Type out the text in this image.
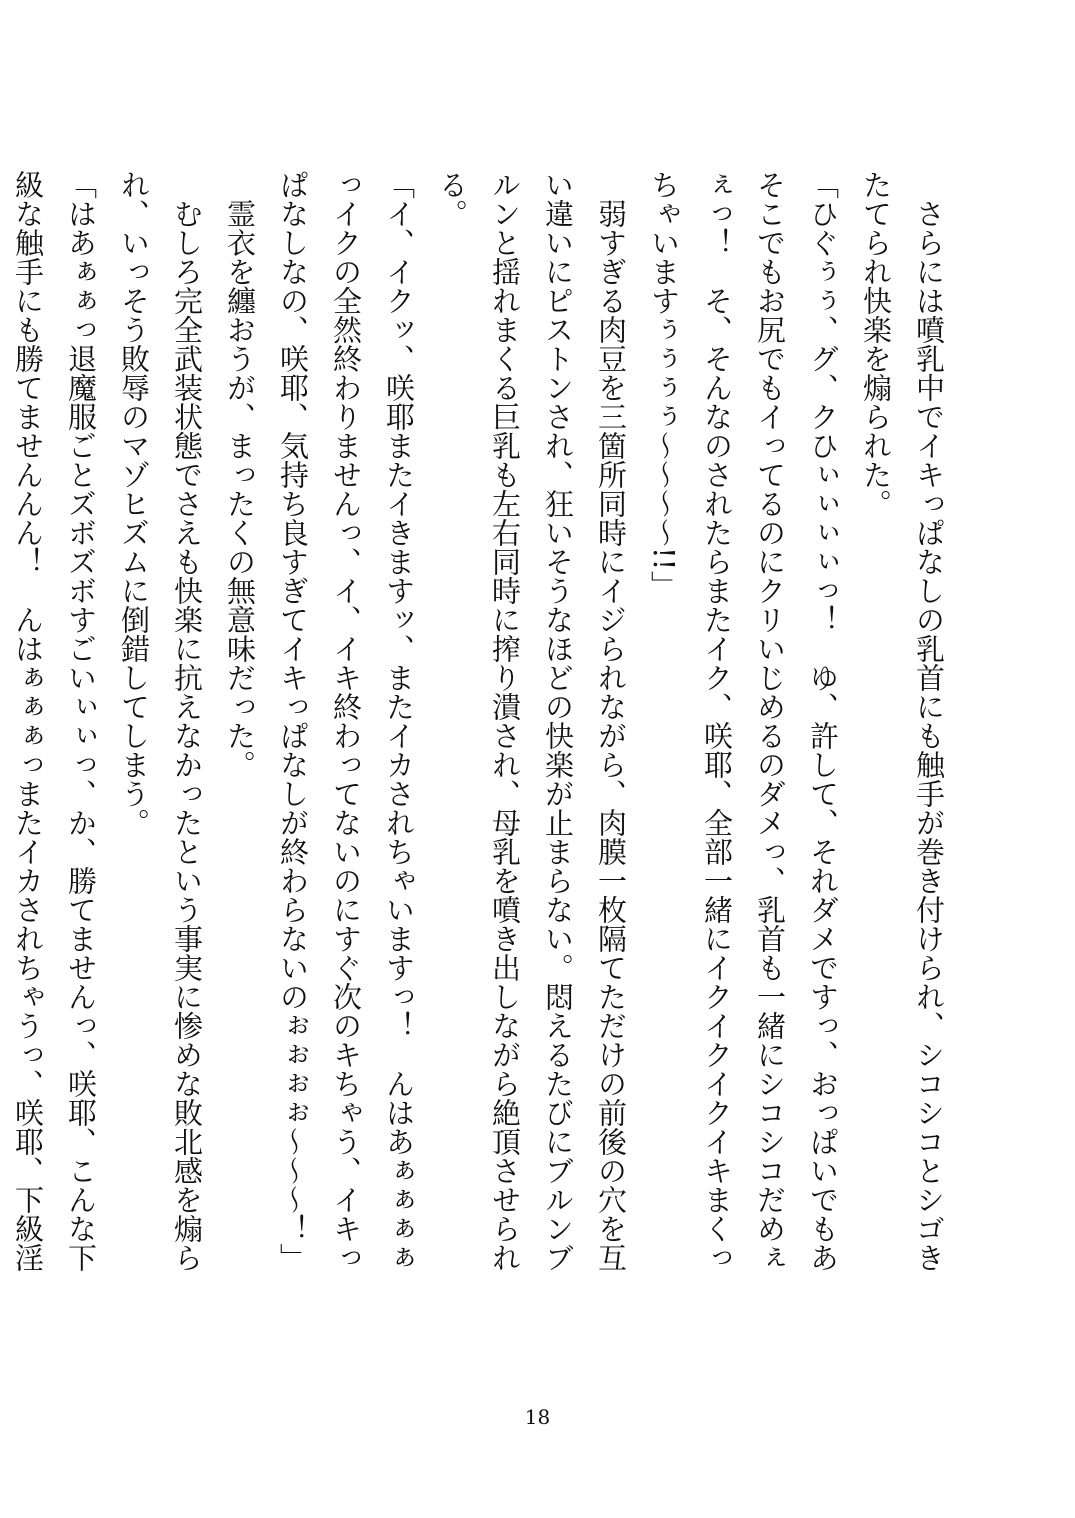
さらには噴乳中でイキっぱなしの乳首にも触手が巻き付けられ、シコシコとシゴきたてられ快楽を煽られた。

「ひぐぅぅ、グ、クひぃぃぃぃっ！　ゆ、許して、それダメですっ、おっぱいでもあそこでもお尻でもイってるのにクリいじめるのダメっ、乳首も一緒にシコシコだめぇぇっ！　そ、そんなのされたらまたイク、咲耶、全部一緒にイクイクイクイキまくっちゃいますぅぅぅぅ〜〜〜〜!!」

弱すぎる肉豆を三箇所同時にイジられながら、肉膜一枚隔てただけの前後の穴を互い違いにピストンされ、狂いそうなほどの快楽が止まらない。悶えるたびにブルンブルンと揺れまくる巨乳も左右同時に搾り潰され、母乳を噴き出しながら絶頂させられる。

「イ、イクッ、咲耶またイきますッ、またイカされちゃいますっ！　んはあぁぁぁぁっイクの全然終わりませんっ、イ、イキ終わってないのにすぐ次のキちゃう、イキっぱなしなの、咲耶、気持ち良すぎてイキっぱなしが終わらないのぉぉぉぉ〜〜〜！」

霊衣を纏おうが、まったくの無意味だった。

むしろ完全武装状態でさえも快楽に抗えなかったという事実に惨めな敗北感を煽られ、いっそう敗辱のマゾヒズムに倒錯してしまう。

「はあぁぁっ退魔服ごとズボズボすごいぃぃっ、か、勝てませんっ、咲耶、こんな下級な触手にも勝てませんんん！　んはぁぁぁっまたイカされちゃうっ、咲耶、下級淫

18
